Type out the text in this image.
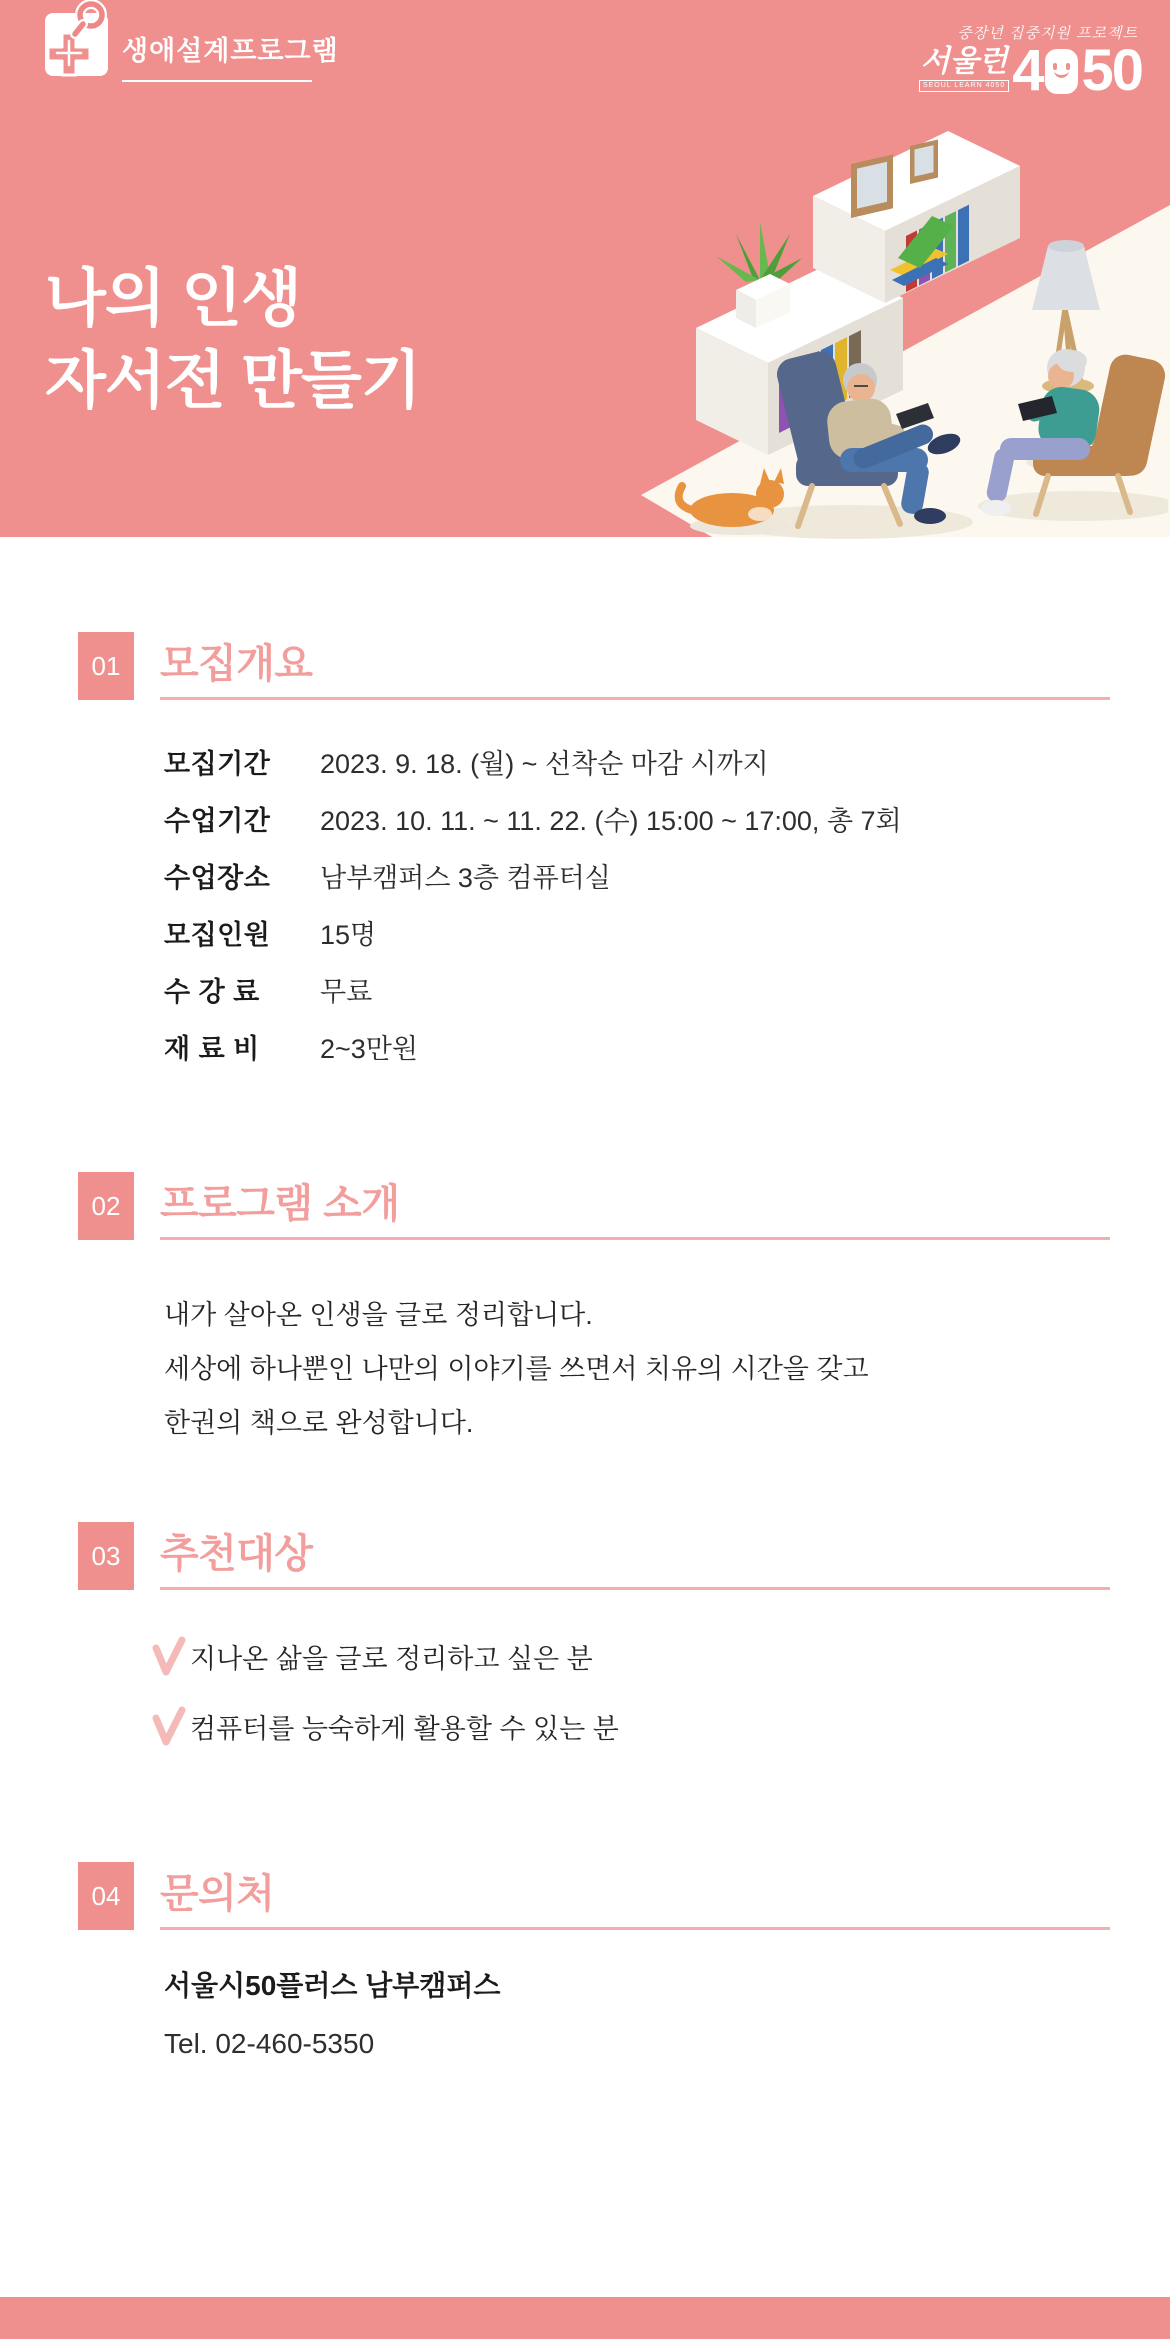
생애설계프로그램
중장년 집중지원 프로젝트
서울런
SEOUL LEARN 4050 4 50
나의 인생
자서전 만들기
01 모집개요
모집기간	2023. 9. 18. (월) ~ 선착순 마감 시까지
수업기간	2023. 10. 11. ~ 11. 22. (수) 15:00 ~ 17:00, 총 7회
수업장소	남부캠퍼스 3층 컴퓨터실
모집인원	15명
수 강 료	무료
재 료 비	2~3만원
02 프로그램 소개
내가 살아온 인생을 글로 정리합니다.
세상에 하나뿐인 나만의 이야기를 쓰면서 치유의 시간을 갖고
한권의 책으로 완성합니다.
03 추천대상
지나온 삶을 글로 정리하고 싶은 분
컴퓨터를 능숙하게 활용할 수 있는 분
04 문의처
서울시50플러스 남부캠퍼스
Tel. 02-460-5350
